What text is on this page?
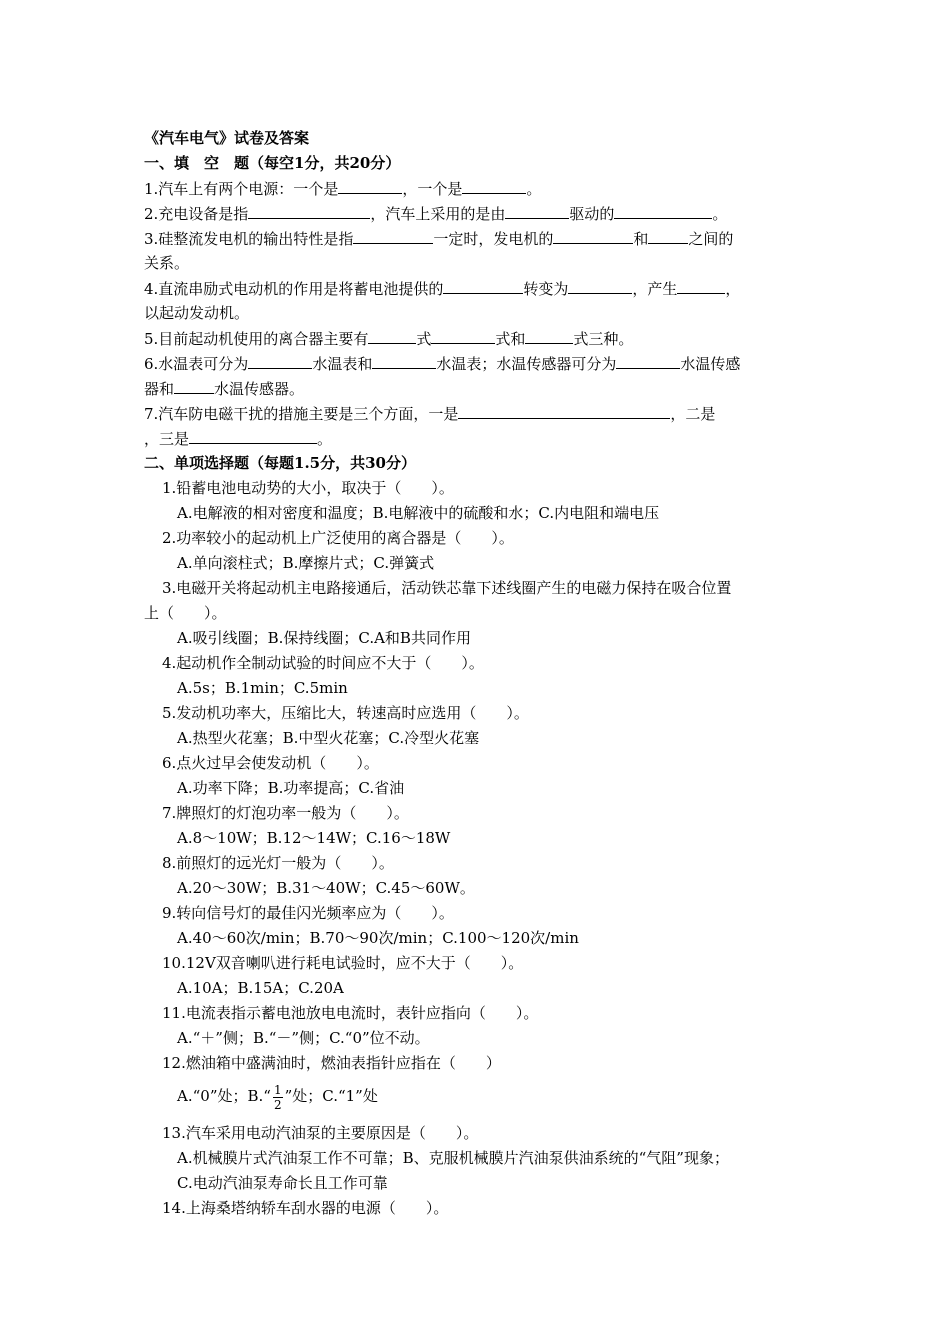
《汽车电气》试卷及答案
一、填　空　题（每空1分，共20分）
1.汽车上有两个电源：一个是	，一个是	。
2.充电设备是指	，汽车上采用的是由	驱动的	。
3.硅整流发电机的输出特性是指	一定时，发电机的	和	之间的
关系。
4.直流串励式电动机的作用是将蓄电池提供的	转变为	，产生	，
以起动发动机。
5.目前起动机使用的离合器主要有	式	式和	式三种。
6.水温表可分为	水温表和	水温表；水温传感器可分为	水温传感
器和	水温传感器。
7.汽车防电磁干扰的措施主要是三个方面，一是	，二是
，三是	。
二、单项选择题（每题1.5分，共30分）
1.铅蓄电池电动势的大小，取决于（　　）。
A.电解液的相对密度和温度；B.电解液中的硫酸和水；C.内电阻和端电压
2.功率较小的起动机上广泛使用的离合器是（　　）。
A.单向滚柱式；B.摩擦片式；C.弹簧式
3.电磁开关将起动机主电路接通后，活动铁芯靠下述线圈产生的电磁力保持在吸合位置
上（　　）。
A.吸引线圈；B.保持线圈；C.A和B共同作用
4.起动机作全制动试验的时间应不大于（　　）。
A.5s；B.1min；C.5min
5.发动机功率大，压缩比大，转速高时应选用（　　）。
A.热型火花塞；B.中型火花塞；C.冷型火花塞
6.点火过早会使发动机（　　）。
A.功率下降；B.功率提高；C.省油
7.牌照灯的灯泡功率一般为（　　）。
A.8～10W；B.12～14W；C.16～18W
8.前照灯的远光灯一般为（　　）。
A.20～30W；B.31～40W；C.45～60W。
9.转向信号灯的最佳闪光频率应为（　　）。
A.40～60次/min；B.70～90次/min；C.100～120次/min
10.12V双音喇叭进行耗电试验时，应不大于（　　）。
A.10A；B.15A；C.20A
11.电流表指示蓄电池放电电流时，表针应指向（　　）。
A.“＋”侧；B.“－”侧；C.“0”位不动。
12.燃油箱中盛满油时，燃油表指针应指在（　　）
A.“0”处；B.“ $\frac{1}{2}$ ”处；C.“1”处
13.汽车采用电动汽油泵的主要原因是（　　）。
A.机械膜片式汽油泵工作不可靠；B、克服机械膜片汽油泵供油系统的“气阻”现象；
C.电动汽油泵寿命长且工作可靠
14.上海桑塔纳轿车刮水器的电源（　　）。
